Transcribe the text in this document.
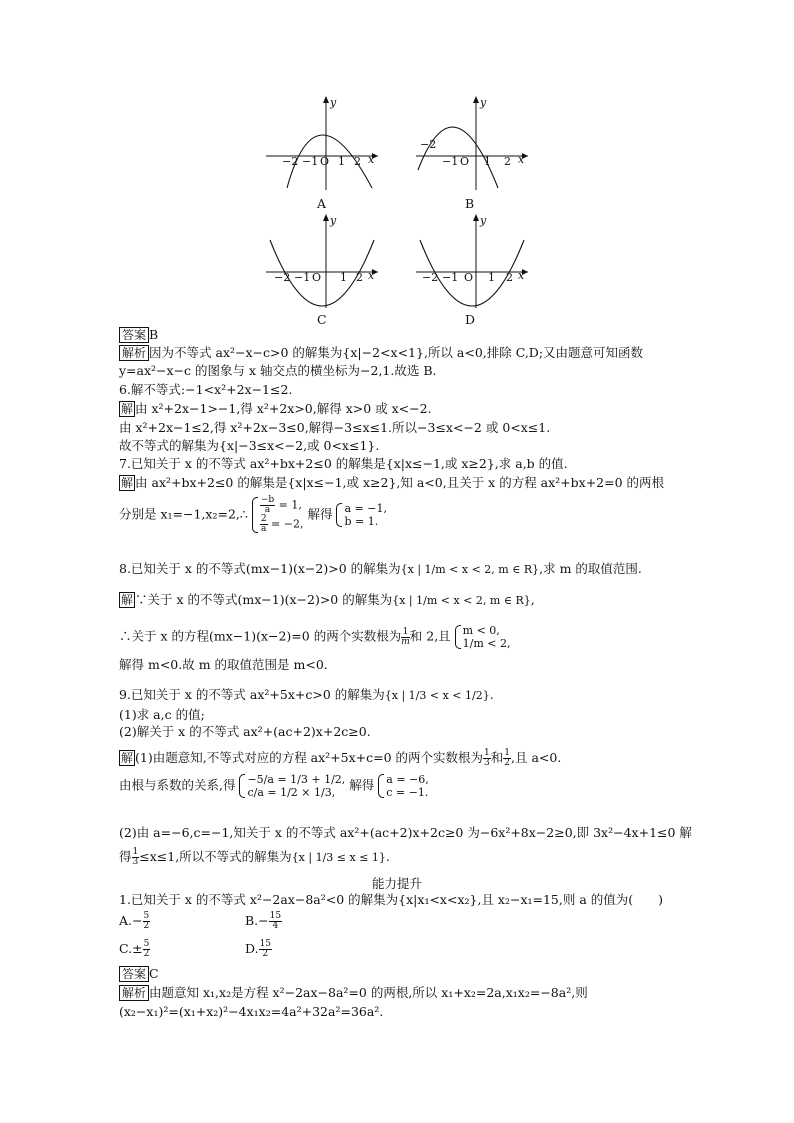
−2 −1 O 1 2 x
y
A
−2
−1 O 1 2 x
y
B
−2 −1 O 1 2 x
y
C
−2 −1 O 1 2 x
y
D
答案 B
解析 因为不等式 ax²−x−c>0 的解集为{x|−2<x<1},所以 a<0,排除 C,D;又由题意可知函数
y=ax²−x−c 的图象与 x 轴交点的横坐标为−2,1.故选 B.
6.解不等式:−1<x²+2x−1≤2.
解 由 x²+2x−1>−1,得 x²+2x>0,解得 x>0 或 x<−2.
由 x²+2x−1≤2,得 x²+2x−3≤0,解得−3≤x≤1.所以−3≤x<−2 或 0<x≤1.
故不等式的解集为{x|−3≤x<−2,或 0<x≤1}.
7.已知关于 x 的不等式 ax²+bx+2≤0 的解集是{x|x≤−1,或 x≥2},求 a,b 的值.
解 由 ax²+bx+2≤0 的解集是{x|x≤−1,或 x≥2},知 a<0,且关于 x 的方程 ax²+bx+2=0 的两根
分别是 x₁=−1,x₂=2,∴ $\frac{-b}{a} = 1$,
$\frac{2}{a} = -2$,
解得 a = −1,
b = 1.
8.已知关于 x 的不等式(mx−1)(x−2)>0 的解集为{x | 1/m < x < 2, m ∈ R},求 m 的取值范围.
解 ∵关于 x 的不等式(mx−1)(x−2)>0 的解集为{x | 1/m < x < 2, m ∈ R},
∴关于 x 的方程(mx−1)(x−2)=0 的两个实数根为 $\frac{1}{m}$ 和 2,且 m < 0,
1/m < 2,
解得 m<0.故 m 的取值范围是 m<0.
9.已知关于 x 的不等式 ax²+5x+c>0 的解集为{x | 1/3 < x < 1/2}.
(1)求 a,c 的值;
(2)解关于 x 的不等式 ax²+(ac+2)x+2c≥0.
解 (1)由题意知,不等式对应的方程 ax²+5x+c=0 的两个实数根为 $\frac{1}{3}$ 和 $\frac{1}{2}$ ,且 a<0.
由根与系数的关系,得 −5/a = 1/3 + 1/2,
c/a = 1/2 × 1/3,	解得 a = −6,
c = −1.
(2)由 a=−6,c=−1,知关于 x 的不等式 ax²+(ac+2)x+2c≥0 为−6x²+8x−2≥0,即 3x²−4x+1≤0 解
得 $\frac{1}{3} \le x\le 1$,所以不等式的解集为{x | 1/3 ≤ x ≤ 1}.
能力提升
1.已知关于 x 的不等式 x²−2ax−8a²<0 的解集为{x|x₁<x<x₂},且 x₂−x₁=15,则 a 的值为(　　)
$A.- \frac{5}{2}$	$B.- \frac{15}{4}$
$C.\pm \frac{5}{2}$	D. $\frac{15}{2}$
答案 C
解析 由题意知 x₁,x₂是方程 x²−2ax−8a²=0 的两根,所以 x₁+x₂=2a,x₁x₂=−8a²,则
(x₂−x₁)²=(x₁+x₂)²−4x₁x₂=4a²+32a²=36a².
